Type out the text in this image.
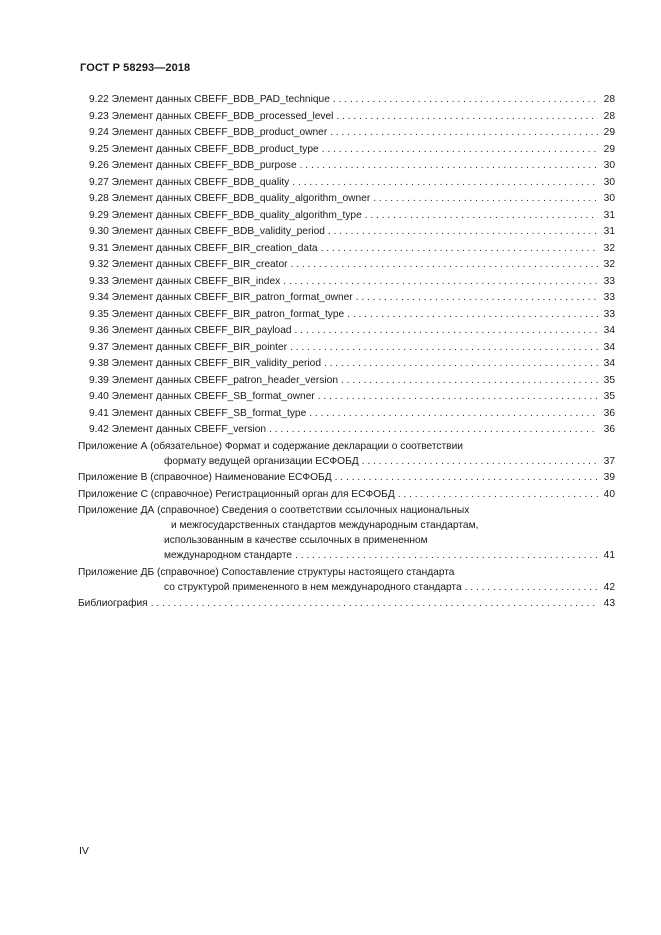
ГОСТ Р 58293—2018
9.22 Элемент данных CBEFF_BDB_PAD_technique . . .	28
9.23 Элемент данных CBEFF_BDB_processed_level . . .	28
9.24 Элемент данных CBEFF_BDB_product_owner . . .	29
9.25 Элемент данных CBEFF_BDB_product_type . . .	29
9.26 Элемент данных CBEFF_BDB_purpose . . .	30
9.27 Элемент данных CBEFF_BDB_quality . . .	30
9.28 Элемент данных CBEFF_BDB_quality_algorithm_owner . . .	30
9.29 Элемент данных CBEFF_BDB_quality_algorithm_type . . .	31
9.30 Элемент данных CBEFF_BDB_validity_period . . .	31
9.31 Элемент данных CBEFF_BIR_creation_data . . .	32
9.32 Элемент данных CBEFF_BIR_creator . . .	32
9.33 Элемент данных CBEFF_BIR_index . . .	33
9.34 Элемент данных CBEFF_BIR_patron_format_owner . . .	33
9.35 Элемент данных CBEFF_BIR_patron_format_type . . .	33
9.36 Элемент данных CBEFF_BIR_payload . . .	34
9.37 Элемент данных CBEFF_BIR_pointer . . .	34
9.38 Элемент данных CBEFF_BIR_validity_period . . .	34
9.39 Элемент данных CBEFF_patron_header_version . . .	35
9.40 Элемент данных CBEFF_SB_format_owner . . .	35
9.41 Элемент данных CBEFF_SB_format_type . . .	36
9.42 Элемент данных CBEFF_version . . .	36
Приложение А (обязательное) Формат и содержание декларации о соответствии
формату ведущей организации ЕСФОБД . . .	37
Приложение В (справочное) Наименование ЕСФОБД . . .	39
Приложение С (справочное) Регистрационный орган для ЕСФОБД . . .	40
Приложение ДА (справочное) Сведения о соответствии ссылочных национальных
и межгосударственных стандартов международным стандартам,
использованным в качестве ссылочных в примененном
международном стандарте . . .	41
Приложение ДБ (справочное) Сопоставление структуры настоящего стандарта
со структурой примененного в нем международного стандарта . . .	42
Библиография . . .	43
IV
